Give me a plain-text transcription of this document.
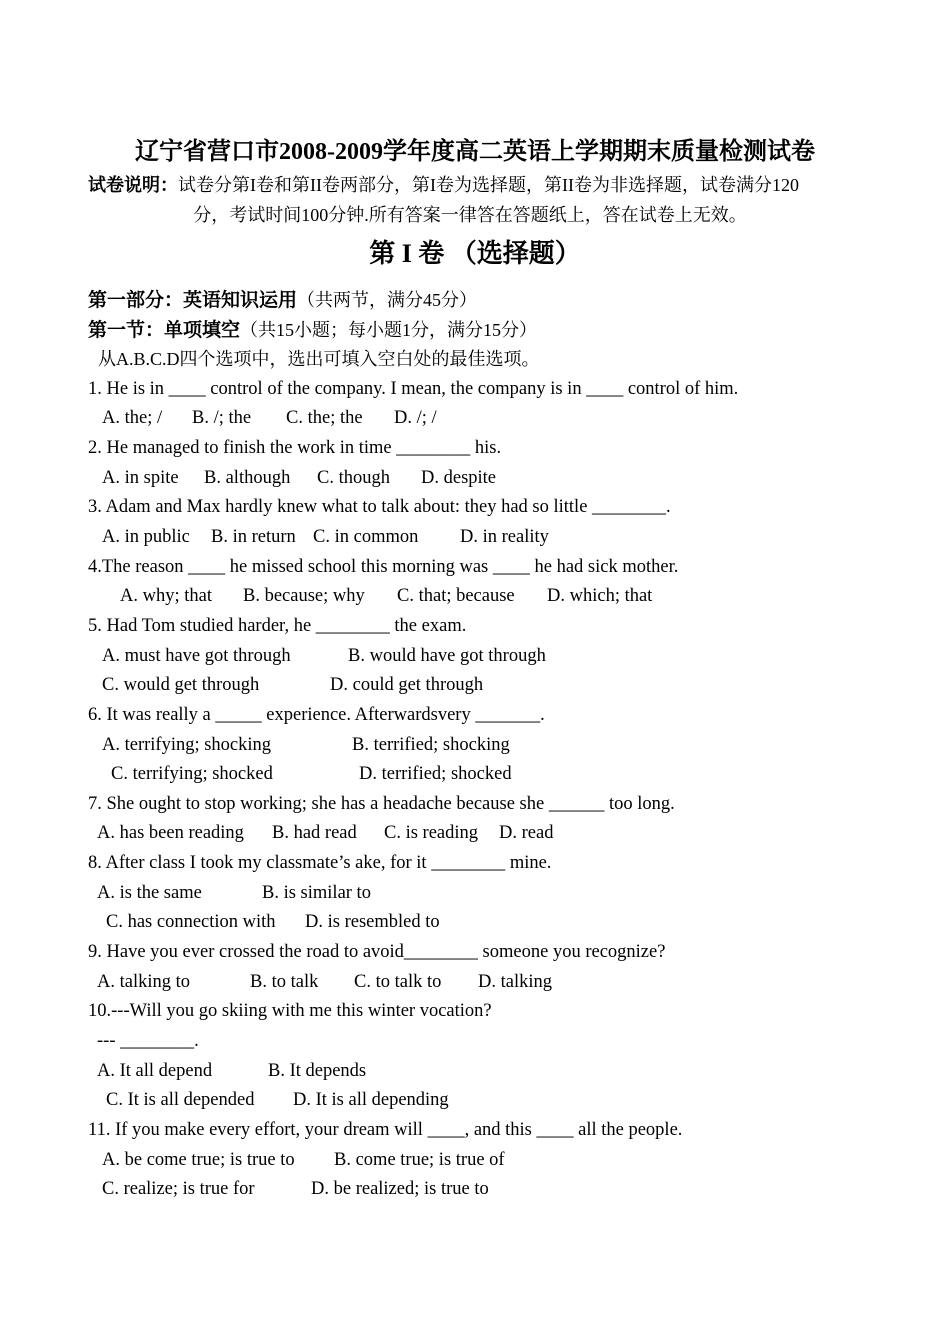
辽宁省营口市2008-2009学年度高二英语上学期期末质量检测试卷
试卷说明：试卷分第I卷和第II卷两部分，第I卷为选择题，第II卷为非选择题，试卷满分120
分，考试时间100分钟.所有答案一律答在答题纸上，答在试卷上无效。
第 I 卷 （选择题）
第一部分：英语知识运用（共两节，满分45分）
第一节：单项填空（共15小题；每小题1分，满分15分）
从A.B.C.D四个选项中，选出可填入空白处的最佳选项。
1. He is in ____ control of the company. I mean, the company is in ____ control of him.
A. the; / B. /; the C. the; the D. /; /
2. He managed to finish the work in time ________ his.
A. in spite B. although C. though D. despite
3. Adam and Max hardly knew what to talk about: they had so little ________.
A. in public B. in return C. in common D. in reality
4.The reason ____ he missed school this morning was ____ he had sick mother.
A. why; that B. because; why C. that; because D. which; that
5. Had Tom studied harder, he ________ the exam.
A. must have got through	B. would have got through
C. would get through	D. could get through
6. It was really a _____ experience. Afterwardsvery _______.
A. terrifying; shocking	B. terrified; shocking
C. terrifying; shocked	D. terrified; shocked
7. She ought to stop working; she has a headache because she ______ too long.
A. has been reading B. had read C. is reading D. read
8. After class I took my classmate’s ake, for it ________ mine.
A. is the same	B. is similar to
C. has connection with D. is resembled to
9. Have you ever crossed the road to avoid________ someone you recognize?
A. talking to	B. to talk C. to talk to D. talking
10.---Will you go skiing with me this winter vocation?
--- ________.
A. It all depend	B. It depends
C. It is all depended D. It is all depending
11. If you make every effort, your dream will ____, and this ____ all the people.
A. be come true; is true to B. come true; is true of
C. realize; is true for	D. be realized; is true to
